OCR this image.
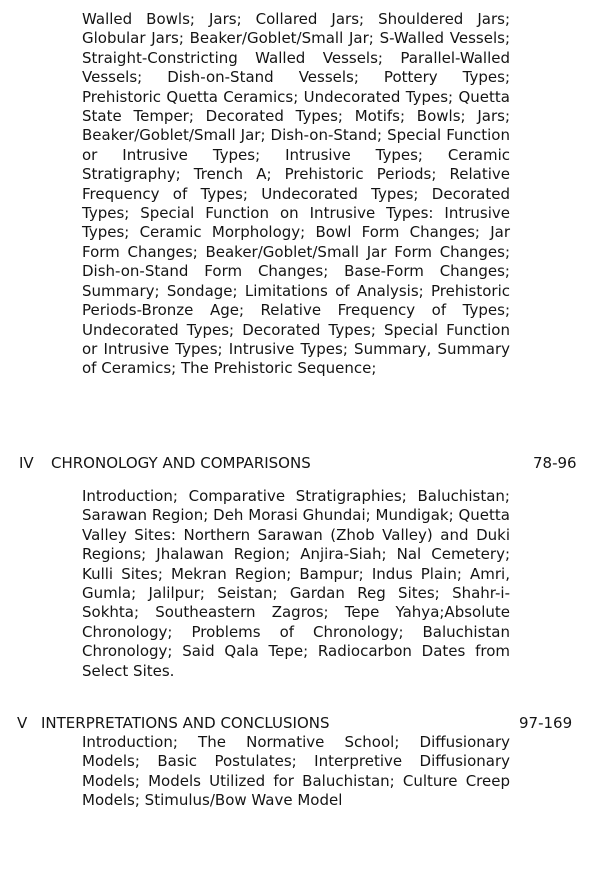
Walled Bowls; Jars; Collared Jars; Shouldered Jars; Globular Jars; Beaker/Goblet/Small Jar; S-Walled Vessels; Straight-Constricting Walled Vessels; Parallel-Walled Vessels; Dish-on-Stand Vessels; Pottery Types; Prehistoric Quetta Ceramics; Undecorated Types; Quetta State Temper; Decorated Types; Motifs; Bowls; Jars; Beaker/Goblet/Small Jar; Dish-on-Stand; Special Function or Intrusive Types; Intrusive Types; Ceramic Stratigraphy; Trench A; Prehistoric Periods; Relative Frequency of Types; Undecorated Types; Decorated Types; Special Function on Intrusive Types: Intrusive Types; Ceramic Morphology; Bowl Form Changes; Jar Form Changes; Beaker/Goblet/Small Jar Form Changes; Dish-on-Stand Form Changes; Base-Form Changes; Summary; Sondage; Limitations of Analysis; Prehistoric Periods-Bronze Age; Relative Frequency of Types; Undecorated Types; Decorated Types; Special Function or Intrusive Types; Intrusive Types; Summary, Summary of Ceramics; The Prehistoric Sequence;

IV CHRONOLOGY AND COMPARISONS	78-96

Introduction; Comparative Stratigraphies; Baluchistan; Sarawan Region; Deh Morasi Ghundai; Mundigak; Quetta Valley Sites: Northern Sarawan (Zhob Valley) and Duki Regions; Jhalawan Region; Anjira-Siah; Nal Cemetery; Kulli Sites; Mekran Region; Bampur; Indus Plain; Amri, Gumla; Jalilpur; Seistan; Gardan Reg Sites; Shahr-i-Sokhta; Southeastern Zagros; Tepe Yahya;Absolute Chronology; Problems of Chronology; Baluchistan Chronology; Said Qala Tepe; Radiocarbon Dates from Select Sites.

V INTERPRETATIONS AND CONCLUSIONS	97-169

Introduction; The Normative School; Diffusionary Models; Basic Postulates; Interpretive Diffusionary Models; Models Utilized for Baluchistan; Culture Creep Models; Stimulus/Bow Wave Model
